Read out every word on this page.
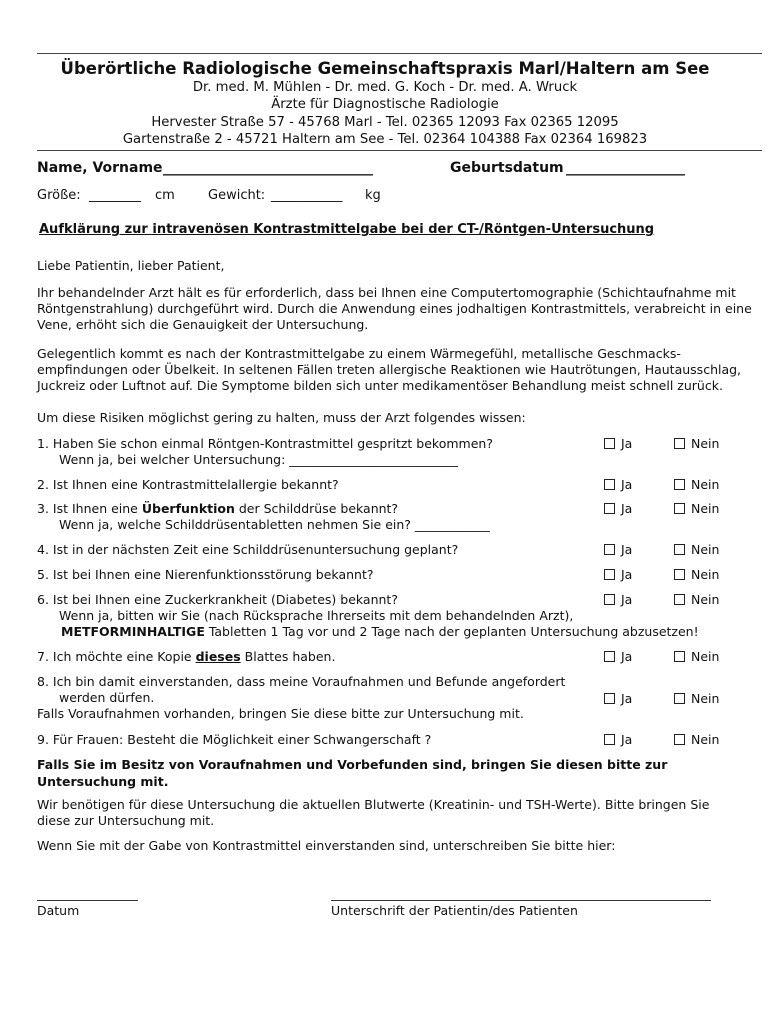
Überörtliche Radiologische Gemeinschaftspraxis Marl/Haltern am See
Dr. med. M. Mühlen - Dr. med. G. Koch - Dr. med. A. Wruck
Ärzte für Diagnostische Radiologie
Hervester Straße 57 - 45768 Marl - Tel. 02365 12093 Fax 02365 12095
Gartenstraße 2 - 45721 Haltern am See - Tel. 02364 104388 Fax 02364 169823
Name, Vorname ______________________________	Geburtsdatum _________________
Größe: ________ cm	Gewicht: ___________ kg
Aufklärung zur intravenösen Kontrastmittelgabe bei der CT-/Röntgen-Untersuchung
Liebe Patientin, lieber Patient,
Ihr behandelnder Arzt hält es für erforderlich, dass bei Ihnen eine Computertomographie (Schichtaufnahme mit Röntgenstrahlung) durchgeführt wird. Durch die Anwendung eines jodhaltigen Kontrastmittels, verabreicht in eine Vene, erhöht sich die Genauigkeit der Untersuchung.
Gelegentlich kommt es nach der Kontrastmittelgabe zu einem Wärmegefühl, metallische Geschmacks-empfindungen oder Übelkeit. In seltenen Fällen treten allergische Reaktionen wie Hautrötungen, Hautausschlag, Juckreiz oder Luftnot auf. Die Symptome bilden sich unter medikamentöser Behandlung meist schnell zurück.
Um diese Risiken möglichst gering zu halten, muss der Arzt folgendes wissen:
1. Haben Sie schon einmal Röntgen-Kontrastmittel gespritzt bekommen?
Wenn ja, bei welcher Untersuchung: ___________________________
Ja	Nein
2. Ist Ihnen eine Kontrastmittelallergie bekannt?	Ja	Nein
3. Ist Ihnen eine Überfunktion der Schilddrüse bekannt?
Wenn ja, welche Schilddrüsentabletten nehmen Sie ein? ____________
Ja	Nein
4. Ist in der nächsten Zeit eine Schilddrüsenuntersuchung geplant?	Ja	Nein
5. Ist bei Ihnen eine Nierenfunktionsstörung bekannt?	Ja	Nein
6. Ist bei Ihnen eine Zuckerkrankheit (Diabetes) bekannt?
Wenn ja, bitten wir Sie (nach Rücksprache Ihrerseits mit dem behandelnden Arzt),
METFORMINHALTIGE Tabletten 1 Tag vor und 2 Tage nach der geplanten Untersuchung abzusetzen!
Ja	Nein
7. Ich möchte eine Kopie dieses Blattes haben.	Ja	Nein
8. Ich bin damit einverstanden, dass meine Voraufnahmen und Befunde angefordert
werden dürfen.
Falls Voraufnahmen vorhanden, bringen Sie diese bitte zur Untersuchung mit.
Ja	Nein
9. Für Frauen: Besteht die Möglichkeit einer Schwangerschaft ?	Ja	Nein
Falls Sie im Besitz von Voraufnahmen und Vorbefunden sind, bringen Sie diesen bitte zur Untersuchung mit.
Wir benötigen für diese Untersuchung die aktuellen Blutwerte (Kreatinin- und TSH-Werte). Bitte bringen Sie diese zur Untersuchung mit.
Wenn Sie mit der Gabe von Kontrastmittel einverstanden sind, unterschreiben Sie bitte hier:
Datum	Unterschrift der Patientin/des Patienten
